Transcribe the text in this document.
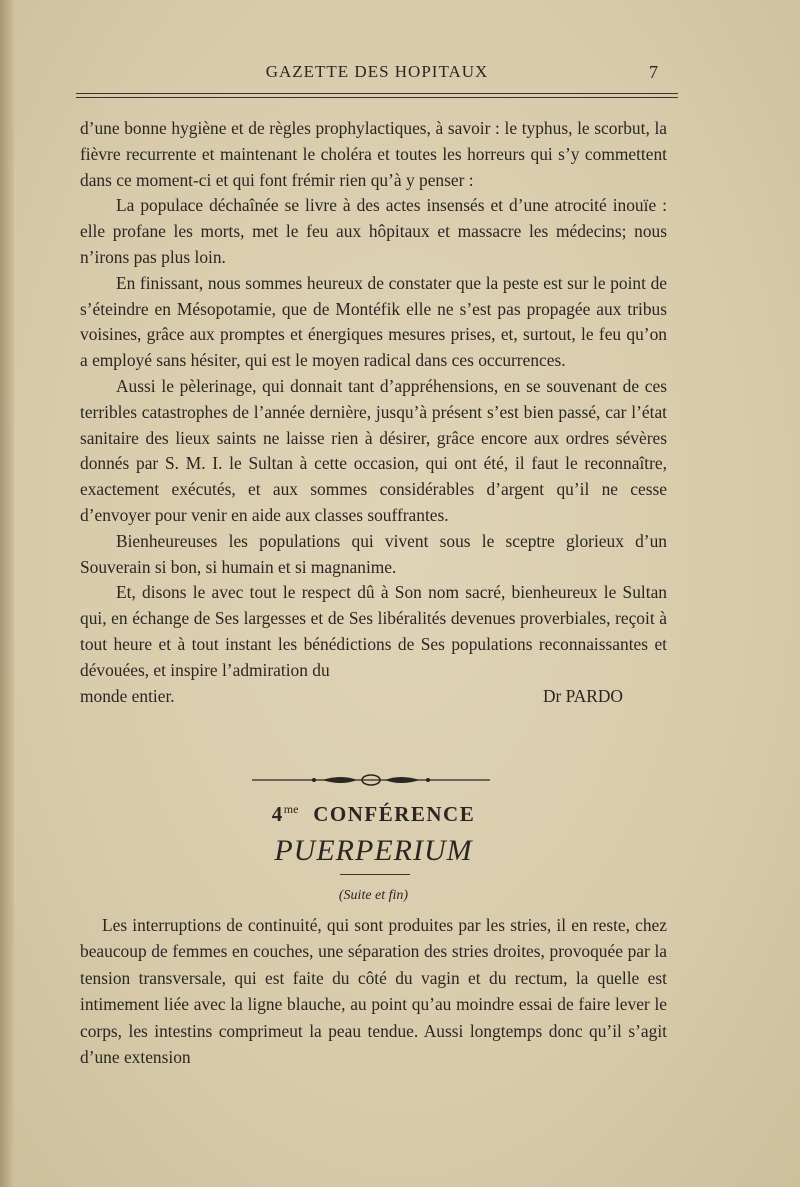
GAZETTE DES HOPITAUX	7

d’une bonne hygiène et de règles prophylactiques, à savoir : le typhus, le scorbut, la fièvre recurrente et maintenant le choléra et toutes les horreurs qui s’y commettent dans ce moment-ci et qui font frémir rien qu’à y penser :

La populace déchaînée se livre à des actes insensés et d’une atrocité inouïe : elle profane les morts, met le feu aux hôpitaux et massacre les médecins; nous n’irons pas plus loin.

En finissant, nous sommes heureux de constater que la peste est sur le point de s’éteindre en Mésopotamie, que de Montéfik elle ne s’est pas propagée aux tribus voisines, grâce aux promptes et énergiques mesures prises, et, surtout, le feu qu’on a employé sans hésiter, qui est le moyen radical dans ces occurrences.

Aussi le pèlerinage, qui donnait tant d’appréhensions, en se souvenant de ces terribles catastrophes de l’année dernière, jusqu’à présent s’est bien passé, car l’état sanitaire des lieux saints ne laisse rien à désirer, grâce encore aux ordres sévères donnés par S. M. I. le Sultan à cette occasion, qui ont été, il faut le reconnaître, exactement exécutés, et aux sommes considérables d’argent qu’il ne cesse d’envoyer pour venir en aide aux classes souffrantes.

Bienheureuses les populations qui vivent sous le sceptre glorieux d’un Souverain si bon, si humain et si magnanime.

Et, disons le avec tout le respect dû à Son nom sacré, bienheureux le Sultan qui, en échange de Ses largesses et de Ses libéralités devenues proverbiales, reçoit à tout heure et à tout instant les bénédictions de Ses populations reconnaissantes et dévouées, et inspire l’admiration du

monde entier.	Dr PARDO
$4^{me}$ CONFÉRENCE
PUERPERIUM
(Suite et fin)

Les interruptions de continuité, qui sont produites par les stries, il en reste, chez beaucoup de femmes en couches, une séparation des stries droites, provoquée par la tension transversale, qui est faite du côté du vagin et du rectum, la quelle est intimement liée avec la ligne blauche, au point qu’au moindre essai de faire lever le corps, les intestins comprimeut la peau tendue. Aussi longtemps donc qu’il s’agit d’une extension
